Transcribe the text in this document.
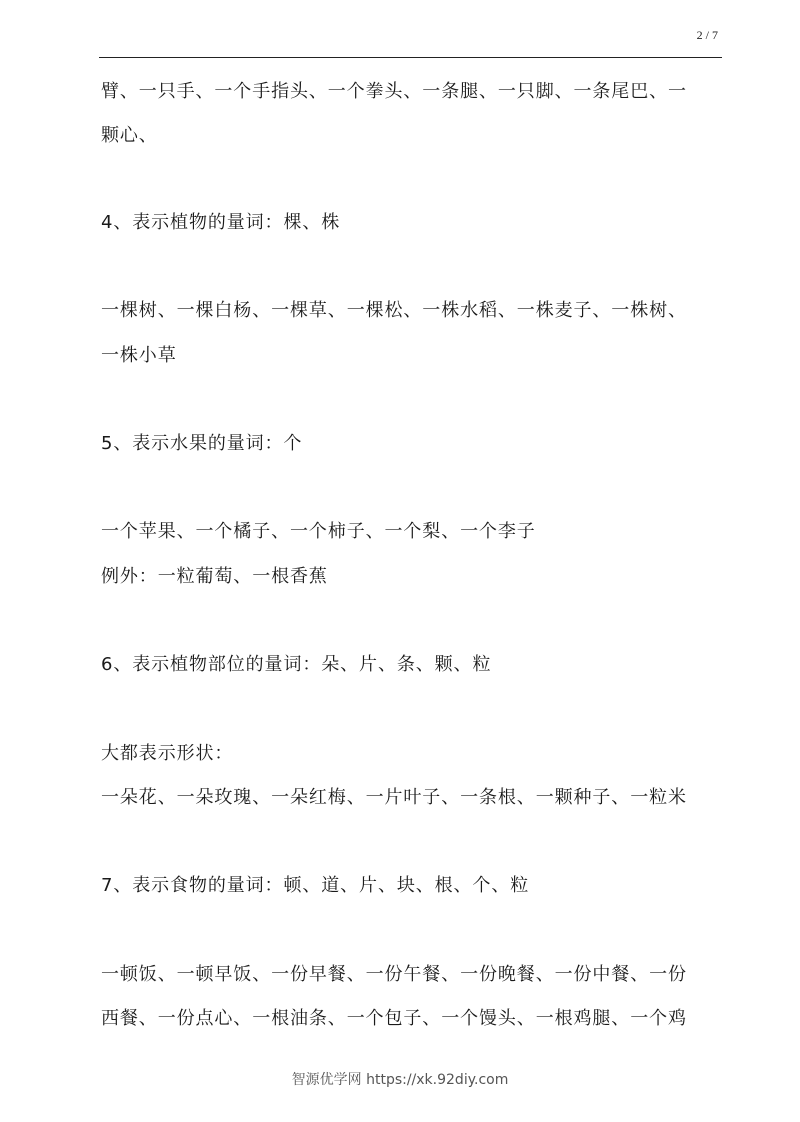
2 / 7
臂、一只手、一个手指头、一个拳头、一条腿、一只脚、一条尾巴、一
颗心、
4、表示植物的量词：棵、株
一棵树、一棵白杨、一棵草、一棵松、一株水稻、一株麦子、一株树、
一株小草
5、表示水果的量词：个
一个苹果、一个橘子、一个柿子、一个梨、一个李子
例外：一粒葡萄、一根香蕉
6、表示植物部位的量词：朵、片、条、颗、粒
大都表示形状：
一朵花、一朵玫瑰、一朵红梅、一片叶子、一条根、一颗种子、一粒米
7、表示食物的量词：顿、道、片、块、根、个、粒
一顿饭、一顿早饭、一份早餐、一份午餐、一份晚餐、一份中餐、一份
西餐、一份点心、一根油条、一个包子、一个馒头、一根鸡腿、一个鸡
智源优学网 https://xk.92diy.com
